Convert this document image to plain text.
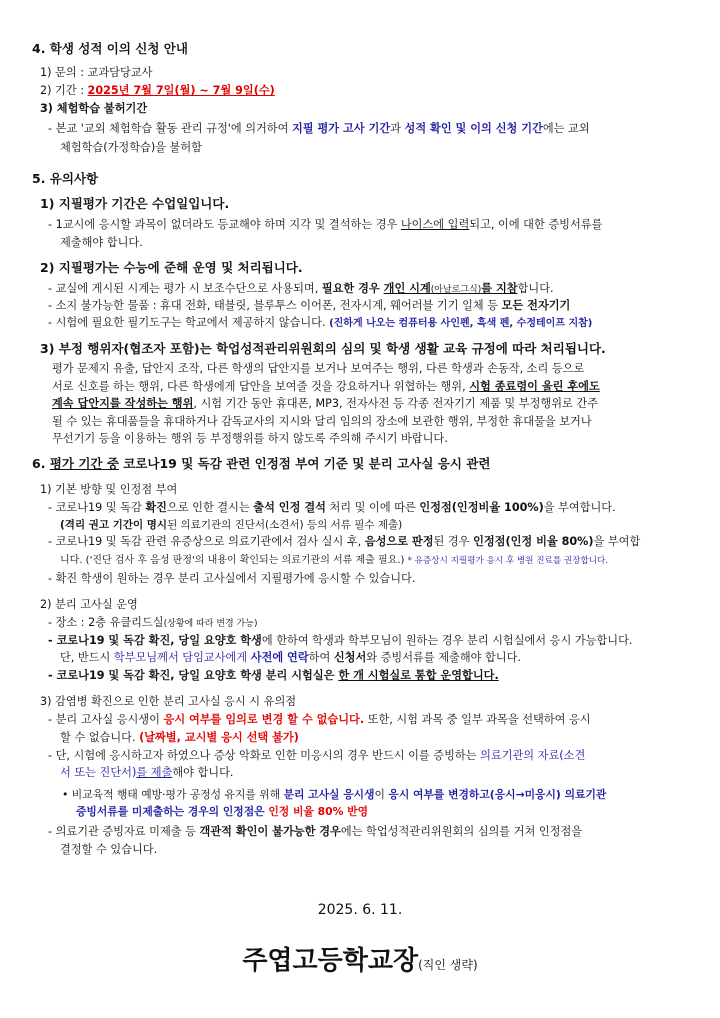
4. 학생 성적 이의 신청 안내
1) 문의 : 교과담당교사
2) 기간 : 2025년 7월 7일(월) ~ 7월 9일(수)
3) 체험학습 불허기간
- 본교 '교외 체험학습 활동 관리 규정'에 의거하여 지필 평가 고사 기간과 성적 확인 및 이의 신청 기간에는 교외
체험학습(가정학습)을 불허함
5. 유의사항
1) 지필평가 기간은 수업일입니다.
- 1교시에 응시할 과목이 없더라도 등교해야 하며 지각 및 결석하는 경우 나이스에 입력되고, 이에 대한 증빙서류를
제출해야 합니다.
2) 지필평가는 수능에 준해 운영 및 처리됩니다.
- 교실에 게시된 시계는 평가 시 보조수단으로 사용되며, 필요한 경우 개인 시계(아날로그식)를 지참합니다.
- 소지 불가능한 물품 : 휴대 전화, 태블릿, 블루투스 이어폰, 전자시계, 웨어러블 기기 일체 등 모든 전자기기
- 시험에 필요한 필기도구는 학교에서 제공하지 않습니다. (진하게 나오는 컴퓨터용 사인펜, 흑색 펜, 수정테이프 지참)
3) 부정 행위자(협조자 포함)는 학업성적관리위원회의 심의 및 학생 생활 교육 규정에 따라 처리됩니다.
평가 문제지 유출, 답안지 조작, 다른 학생의 답안지를 보거나 보여주는 행위, 다른 학생과 손동작, 소리 등으로
서로 신호를 하는 행위, 다른 학생에게 답안을 보여줄 것을 강요하거나 위협하는 행위, 시험 종료령이 울린 후에도
계속 답안지를 작성하는 행위, 시험 기간 동안 휴대폰, MP3, 전자사전 등 각종 전자기기 제품 및 부정행위로 간주
될 수 있는 휴대품들을 휴대하거나 감독교사의 지시와 달리 임의의 장소에 보관한 행위, 부정한 휴대물을 보거나
무선기기 등을 이용하는 행위 등 부정행위를 하지 않도록 주의해 주시기 바랍니다.
6. 평가 기간 중 코로나19 및 독감 관련 인정점 부여 기준 및 분리 고사실 응시 관련
1) 기본 방향 및 인정점 부여
- 코로나19 및 독감 확진으로 인한 결시는 출석 인정 결석 처리 및 이에 따른 인정점(인정비율 100%)을 부여합니다.
(격리 권고 기간이 명시된 의료기관의 진단서(소견서) 등의 서류 필수 제출)
- 코로나19 및 독감 관련 유증상으로 의료기관에서 검사 실시 후, 음성으로 판정된 경우 인정점(인정 비율 80%)을 부여합
니다. ('진단 검사 후 음성 판정'의 내용이 확인되는 의료기관의 서류 제출 필요.) * 유증상시 지필평가 응시 후 병원 진료를 권장합니다.
- 확진 학생이 원하는 경우 분리 고사실에서 지필평가에 응시할 수 있습니다.
2) 분리 고사실 운영
- 장소 : 2층 유클리드실(상황에 따라 변경 가능)
- 코로나19 및 독감 확진, 당일 요양호 학생에 한하여 학생과 학부모님이 원하는 경우 분리 시험실에서 응시 가능합니다.
단, 반드시 학부모님께서 담임교사에게 사전에 연락하여 신청서와 증빙서류를 제출해야 합니다.
- 코로나19 및 독감 확진, 당일 요양호 학생 분리 시험실은 한 개 시험실로 통합 운영합니다.
3) 감염병 확진으로 인한 분리 고사실 응시 시 유의점
- 분리 고사실 응시생이 응시 여부를 임의로 변경 할 수 없습니다. 또한, 시험 과목 중 일부 과목을 선택하여 응시
할 수 없습니다. (날짜별, 교시별 응시 선택 불가)
- 단, 시험에 응시하고자 하였으나 증상 악화로 인한 미응시의 경우 반드시 이를 증빙하는 의료기관의 자료(소견
서 또는 진단서)를 제출해야 합니다.
• 비교육적 행태 예방·평가 공정성 유지를 위해 분리 고사실 응시생이 응시 여부를 변경하고(응시→미응시) 의료기관
증빙서류를 미제출하는 경우의 인정점은 인정 비율 80% 반영
- 의료기관 증빙자료 미제출 등 객관적 확인이 불가능한 경우에는 학업성적관리위원회의 심의를 거쳐 인정점을
결정할 수 있습니다.
2025. 6. 11.
주엽고등학교장(직인 생략)
